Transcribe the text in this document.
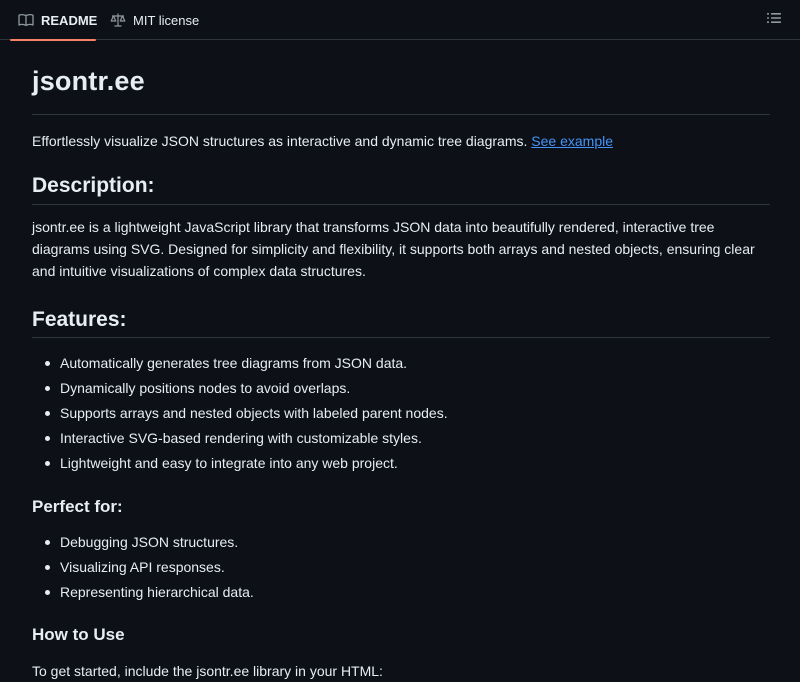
README	MIT license
jsontr.ee

Effortlessly visualize JSON structures as interactive and dynamic tree diagrams. See example

Description:

jsontr.ee is a lightweight JavaScript library that transforms JSON data into beautifully rendered, interactive tree diagrams using SVG. Designed for simplicity and flexibility, it supports both arrays and nested objects, ensuring clear and intuitive visualizations of complex data structures.

Features:
Automatically generates tree diagrams from JSON data.
Dynamically positions nodes to avoid overlaps.
Supports arrays and nested objects with labeled parent nodes.
Interactive SVG-based rendering with customizable styles.
Lightweight and easy to integrate into any web project.
Perfect for:
Debugging JSON structures.
Visualizing API responses.
Representing hierarchical data.
How to Use

To get started, include the jsontr.ee library in your HTML:
